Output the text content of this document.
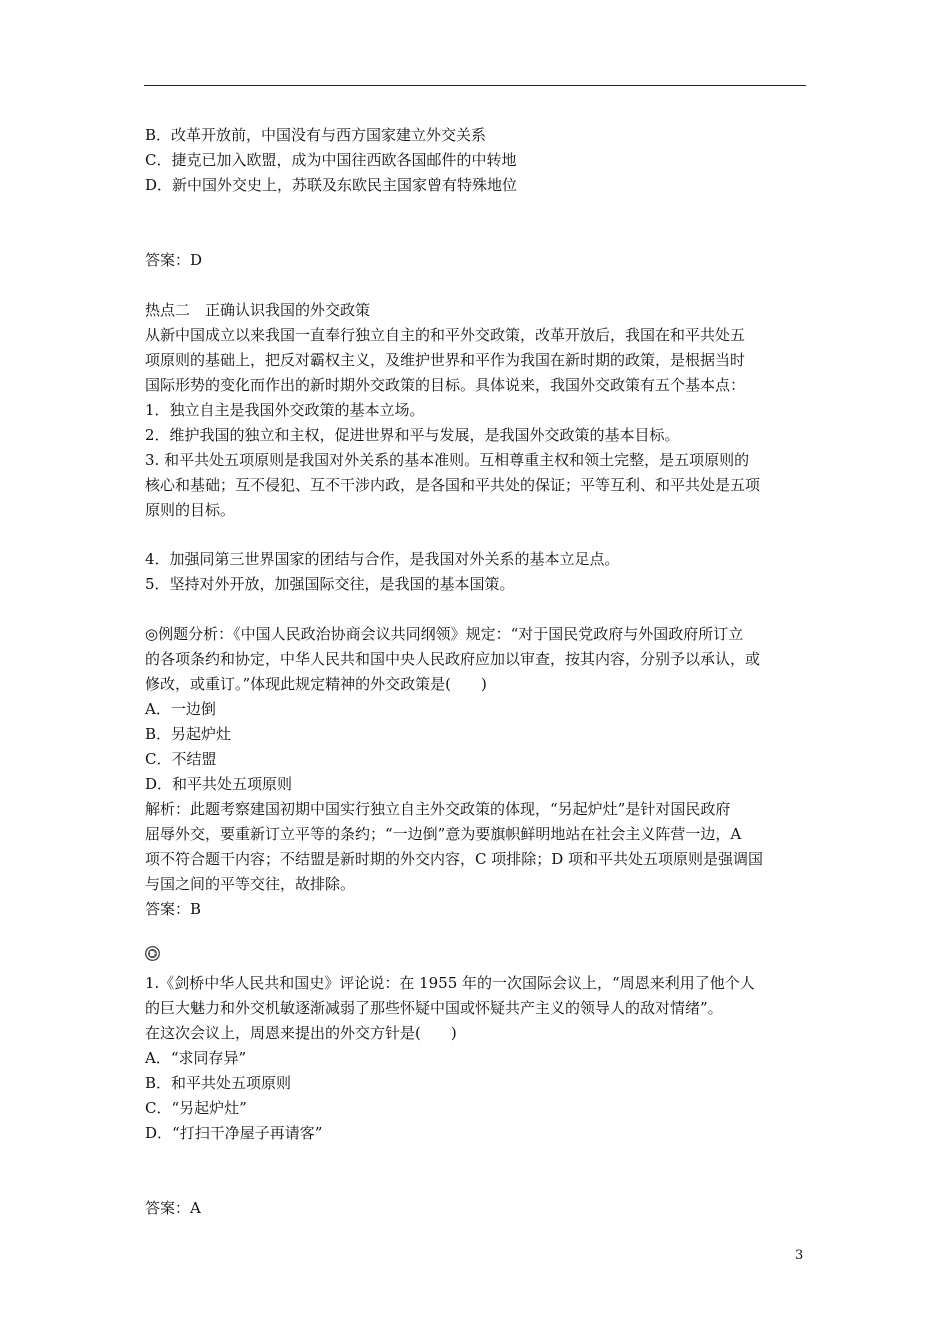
B．改革开放前，中国没有与西方国家建立外交关系
C．捷克已加入欧盟，成为中国往西欧各国邮件的中转地
D．新中国外交史上，苏联及东欧民主国家曾有特殊地位
答案：D
热点二　正确认识我国的外交政策
从新中国成立以来我国一直奉行独立自主的和平外交政策，改革开放后，我国在和平共处五
项原则的基础上，把反对霸权主义，及维护世界和平作为我国在新时期的政策，是根据当时
国际形势的变化而作出的新时期外交政策的目标。具体说来，我国外交政策有五个基本点：
1．独立自主是我国外交政策的基本立场。
2．维护我国的独立和主权，促进世界和平与发展，是我国外交政策的基本目标。
3. 和平共处五项原则是我国对外关系的基本准则。互相尊重主权和领土完整，是五项原则的
核心和基础；互不侵犯、互不干涉内政，是各国和平共处的保证；平等互利、和平共处是五项
原则的目标。
4．加强同第三世界国家的团结与合作，是我国对外关系的基本立足点。
5．坚持对外开放，加强国际交往，是我国的基本国策。
◎例题分析：《中国人民政治协商会议共同纲领》规定：“对于国民党政府与外国政府所订立
的各项条约和协定，中华人民共和国中央人民政府应加以审查，按其内容，分别予以承认，或
修改，或重订。”体现此规定精神的外交政策是(　　)
A．一边倒
B．另起炉灶
C．不结盟
D．和平共处五项原则
解析：此题考察建国初期中国实行独立自主外交政策的体现，“另起炉灶”是针对国民政府
屈辱外交，要重新订立平等的条约；“一边倒”意为要旗帜鲜明地站在社会主义阵营一边，A
项不符合题干内容；不结盟是新时期的外交内容，C 项排除；D 项和平共处五项原则是强调国
与国之间的平等交往，故排除。
答案：B
1.《剑桥中华人民共和国史》评论说：在 1955 年的一次国际会议上，“周恩来利用了他个人
的巨大魅力和外交机敏逐渐减弱了那些怀疑中国或怀疑共产主义的领导人的敌对情绪”。
在这次会议上，周恩来提出的外交方针是(　　)
A．“求同存异”
B．和平共处五项原则
C．“另起炉灶”
D．“打扫干净屋子再请客”
答案：A
3
